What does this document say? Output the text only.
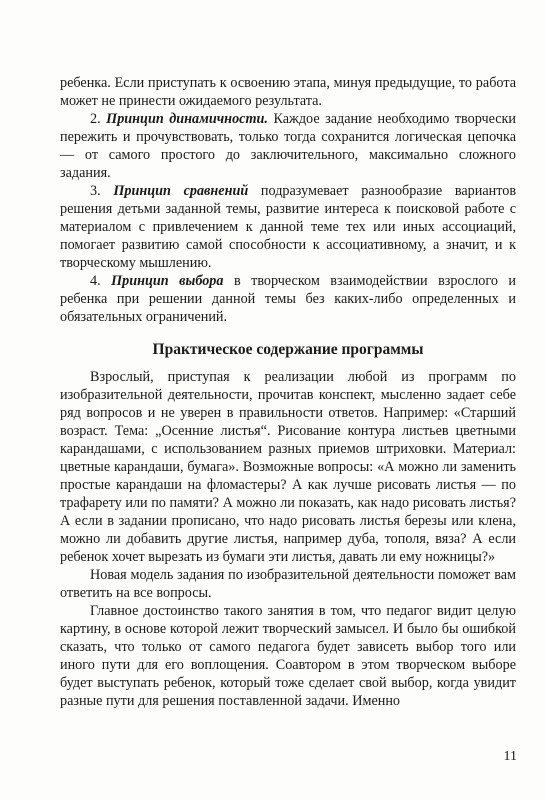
ребенка. Если приступать к освоению этапа, минуя предыдущие, то работа может не принести ожидаемого результата.

2. Принцип динамичности. Каждое задание необходимо творчески пережить и прочувствовать, только тогда сохранится логическая цепочка — от самого простого до заключительного, максимально сложного задания.

3. Принцип сравнений подразумевает разнообразие вариантов решения детьми заданной темы, развитие интереса к поисковой работе с материалом с привлечением к данной теме тех или иных ассоциаций, помогает развитию самой способности к ассоциативному, а значит, и к творческому мышлению.

4. Принцип выбора в творческом взаимодействии взрослого и ребенка при решении данной темы без каких-либо определенных и обязательных ограничений.

Практическое содержание программы

Взрослый, приступая к реализации любой из программ по изобразительной деятельности, прочитав конспект, мысленно задает себе ряд вопросов и не уверен в правильности ответов. Например: «Старший возраст. Тема: „Осенние листья“. Рисование контура листьев цветными карандашами, с использованием разных приемов штриховки. Материал: цветные карандаши, бумага». Возможные вопросы: «А можно ли заменить простые карандаши на фломастеры? А как лучше рисовать листья — по трафарету или по памяти? А можно ли показать, как надо рисовать листья? А если в задании прописано, что надо рисовать листья березы или клена, можно ли добавить другие листья, например дуба, тополя, вяза? А если ребенок хочет вырезать из бумаги эти листья, давать ли ему ножницы?»

Новая модель задания по изобразительной деятельности поможет вам ответить на все вопросы.

Главное достоинство такого занятия в том, что педагог видит целую картину, в основе которой лежит творческий замысел. И было бы ошибкой сказать, что только от самого педагога будет зависеть выбор того или иного пути для его воплощения. Соавтором в этом творческом выборе будет выступать ребенок, который тоже сделает свой выбор, когда увидит разные пути для решения поставленной задачи. Именно

11
